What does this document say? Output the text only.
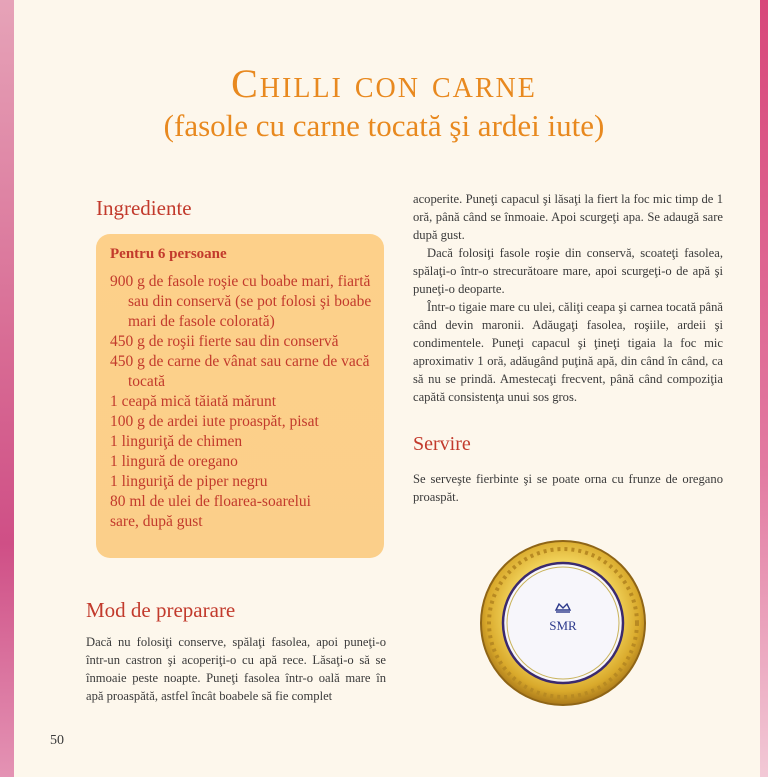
Chilli con carne
(fasole cu carne tocată şi ardei iute)
Ingrediente
Pentru 6 persoane
900 g de fasole roşie cu boabe mari, fiartă sau din conservă (se pot folosi şi boabe mari de fasole colorată)
450 g de roşii fierte sau din conservă
450 g de carne de vânat sau carne de vacă tocată
1 ceapă mică tăiată mărunt
100 g de ardei iute proaspăt, pisat
1 linguriţă de chimen
1 lingură de oregano
1 linguriţă de piper negru
80 ml de ulei de floarea-soarelui
sare, după gust
Mod de preparare

Dacă nu folosiţi conserve, spălaţi fasolea, apoi puneţi-o într-un castron şi acoperiţi-o cu apă rece. Lăsaţi-o să se înmoaie peste noapte. Puneţi fasolea într-o oală mare în apă proaspătă, astfel încât boabele să fie complet

acoperite. Puneţi capacul şi lăsaţi la fiert la foc mic timp de 1 oră, până când se înmoaie. Apoi scurgeţi apa. Se adaugă sare după gust.

Dacă folosiţi fasole roşie din conservă, scoateţi fasolea, spălaţi-o într-o strecurătoare mare, apoi scurgeţi-o de apă şi puneţi-o deoparte.

Într-o tigaie mare cu ulei, căliţi ceapa şi carnea tocată până când devin maronii. Adăugaţi fasolea, roşiile, ardeii şi condimentele. Puneţi capacul şi ţineţi tigaia la foc mic aproximativ 1 oră, adăugând puţină apă, din când în când, ca să nu se prindă. Amestecaţi frecvent, până când compoziţia capătă consistenţa unui sos gros.

Servire

Se serveşte fierbinte şi se poate orna cu frunze de oregano proaspăt.

SMR
50
